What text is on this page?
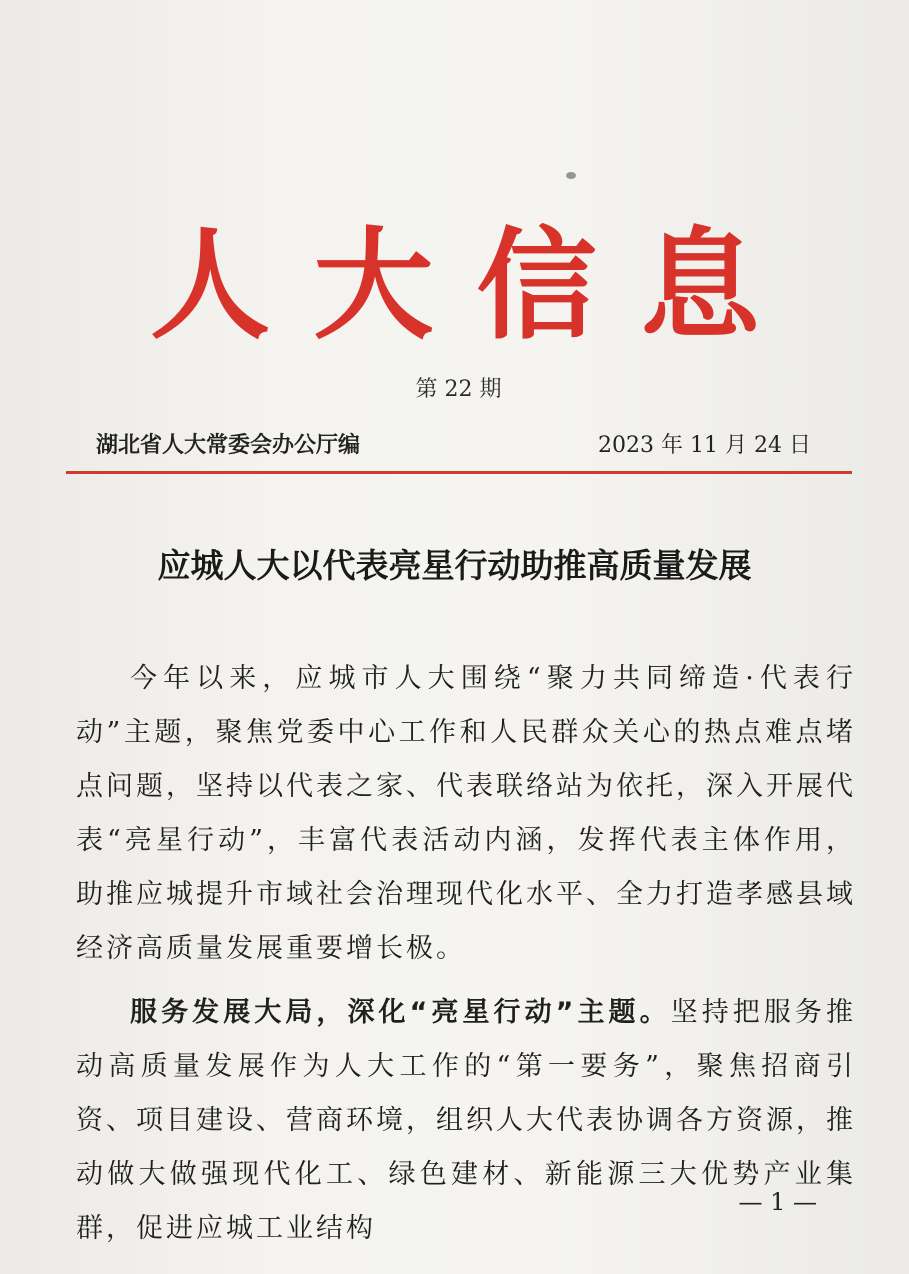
人 大 信 息
第 22 期
湖北省人大常委会办公厅编	2023 年 11 月 24 日
应城人大以代表亮星行动助推高质量发展

今年以来，应城市人大围绕“聚力共同缔造·代表行动”主题，聚焦党委中心工作和人民群众关心的热点难点堵点问题，坚持以代表之家、代表联络站为依托，深入开展代表“亮星行动”，丰富代表活动内涵，发挥代表主体作用，助推应城提升市域社会治理现代化水平、全力打造孝感县域经济高质量发展重要增长极。

服务发展大局，深化“亮星行动”主题。坚持把服务推动高质量发展作为人大工作的“第一要务”，聚焦招商引资、项目建设、营商环境，组织人大代表协调各方资源，推动做大做强现代化工、绿色建材、新能源三大优势产业集群，促进应城工业结构

— 1 —
